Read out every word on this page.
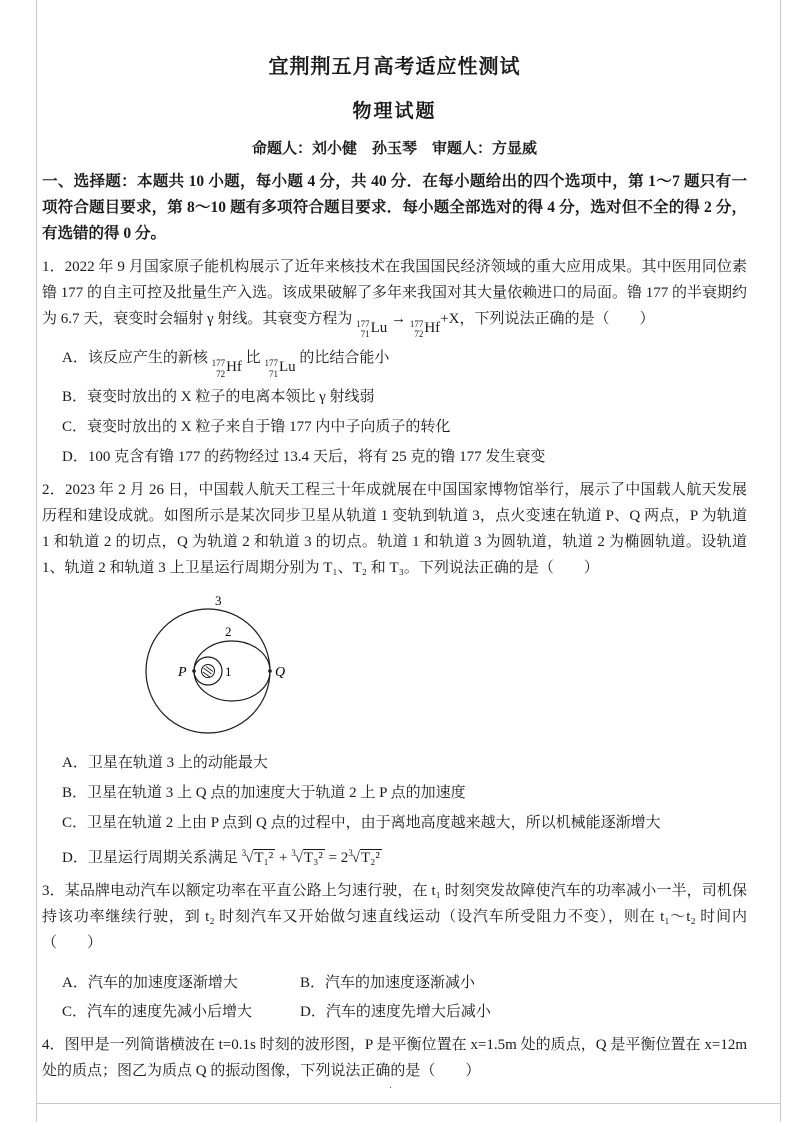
·
宜荆荆五月高考适应性测试
物理试题
命题人：刘小健　孙玉琴　审题人：方显威

一、选择题：本题共 10 小题，每小题 4 分，共 40 分．在每小题给出的四个选项中，第 1～7 题只有一项符合题目要求，第 8～10 题有多项符合题目要求．每小题全部选对的得 4 分，选对但不全的得 2 分，有选错的得 0 分。

1．2022 年 9 月国家原子能机构展示了近年来核技术在我国国民经济领域的重大应用成果。其中医用同位素镥 177 的自主可控及批量生产入选。该成果破解了多年来我国对其大量依赖进口的局面。镥 177 的半衰期约为 6.7 天，衰变时会辐射 γ 射线。其衰变方程为 177
71 Lu
→ 177
72 Hf
+X，下列说法正确的是（　　）

A．该反应产生的新核 177
72 Hf
比 177
71 Lu
的比结合能小

B．衰变时放出的 X 粒子的电离本领比 γ 射线弱

C．衰变时放出的 X 粒子来自于镥 177 内中子向质子的转化

D．100 克含有镥 177 的药物经过 13.4 天后，将有 25 克的镥 177 发生衰变

2．2023 年 2 月 26 日，中国载人航天工程三十年成就展在中国国家博物馆举行，展示了中国载人航天发展历程和建设成就。如图所示是某次同步卫星从轨道 1 变轨到轨道 3，点火变速在轨道 P、Q 两点，P 为轨道 1 和轨道 2 的切点，Q 为轨道 2 和轨道 3 的切点。轨道 1 和轨道 3 为圆轨道，轨道 2 为椭圆轨道。设轨道 1、轨道 2 和轨道 3 上卫星运行周期分别为 T₁、T₂ 和 T₃。下列说法正确的是（　　）

3
2
1
P	Q

A．卫星在轨道 3 上的动能最大

B．卫星在轨道 3 上 Q 点的加速度大于轨道 2 上 P 点的加速度

C．卫星在轨道 2 上由 P 点到 Q 点的过程中，由于离地高度越来越大，所以机械能逐渐增大

D．卫星运行周期关系满足 $^3√T_1^2 + ^3√T_3^2 = 2^3√T_2^2$

3．某品牌电动汽车以额定功率在平直公路上匀速行驶，在 t₁ 时刻突发故障使汽车的功率减小一半，司机保持该功率继续行驶，到 t₂ 时刻汽车又开始做匀速直线运动（设汽车所受阻力不变），则在 t₁～t₂ 时间内（　　）

A．汽车的加速度逐渐增大	B．汽车的加速度逐渐减小
C．汽车的速度先减小后增大	D．汽车的速度先增大后减小

4．图甲是一列简谐横波在 t=0.1s 时刻的波形图，P 是平衡位置在 x=1.5m 处的质点，Q 是平衡位置在 x=12m 处的质点；图乙为质点 Q 的振动图像，下列说法正确的是（　　）
